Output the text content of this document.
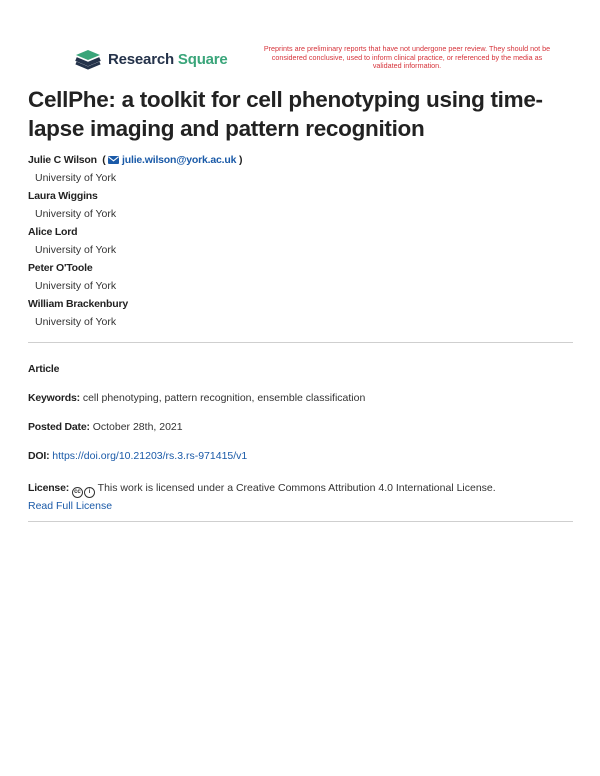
Research Square
Preprints are preliminary reports that have not undergone peer review. They should not be considered conclusive, used to inform clinical practice, or referenced by the media as validated information.
CellPhe: a toolkit for cell phenotyping using time-lapse imaging and pattern recognition
Julie C Wilson  (  julie.wilson@york.ac.uk )
University of York
Laura Wiggins
University of York
Alice Lord
University of York
Peter O'Toole
University of York
William Brackenbury
University of York
Article
Keywords: cell phenotyping, pattern recognition, ensemble classification
Posted Date: October 28th, 2021
DOI: https://doi.org/10.21203/rs.3.rs-971415/v1
License: cc	i This work is licensed under a Creative Commons Attribution 4.0 International License.
Read Full License
